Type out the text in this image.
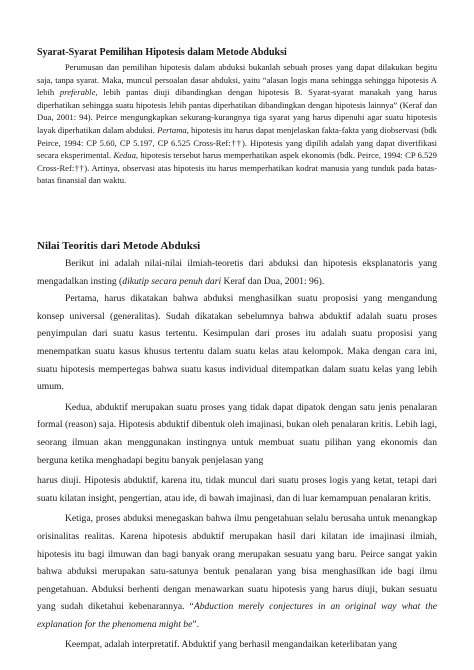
Syarat-Syarat Pemilihan Hipotesis dalam Metode Abduksi

Perumusan dan pemilihan hipotesis dalam abduksi bukanlah sebuah proses yang dapat dilakukan begitu saja, tanpa syarat. Maka, muncul persoalan dasar abduksi, yaitu “alasan logis mana sehingga sehingga hipotesis A lebih preferable, lebih pantas diuji dibandingkan dengan hipotesis B. Syarat-syarat manakah yang harus diperhatikan sehingga suatu hipotesis lebih pantas diperhatikan dibandingkan dengan hipotesis lainnya” (Keraf dan Dua, 2001: 94). Peirce mengungkapkan sekurang-kurangnya tiga syarat yang harus dipenuhi agar suatu hipotesis layak diperhatikan dalam abduksi. Pertama, hipotesis itu harus dapat menjelaskan fakta-fakta yang diobservasi (bdk Peirce, 1994: CP 5.60, CP 5.197, CP 6.525 Cross-Ref:††). Hipotesis yang dipilih adalah yang dapat diverifikasi secara eksperimental. Kedua, hipotesis tersebut harus memperhatikan aspek ekonomis (bdk. Peirce, 1994: CP 6.529 Cross-Ref:††). Artinya, observasi atas hipotesis itu harus memperhatikan kodrat manusia yang tunduk pada batas-batas finansial dan waktu.

Nilai Teoritis dari Metode Abduksi

Berikut ini adalah nilai-nilai ilmiah-teoretis dari abduksi dan hipotesis eksplanatoris yang mengadalkan insting (dikutip secara penuh dari Keraf dan Dua, 2001: 96).

Pertama, harus dikatakan bahwa abduksi menghasilkan suatu proposisi yang mengandung konsep universal (generalitas). Sudah dikatakan sebelumnya bahwa abduktif adalah suatu proses penyimpulan dari suatu kasus tertentu. Kesimpulan dari proses itu adalah suatu proposisi yang menempatkan suatu kasus khusus tertentu dalam suatu kelas atau kelompok. Maka dengan cara ini, suatu hipotesis mempertegas bahwa suatu kasus individual ditempatkan dalam suatu kelas yang lebih umum.

Kedua, abduktif merupakan suatu proses yang tidak dapat dipatok dengan satu jenis penalaran formal (reason) saja. Hipotesis abduktif dibentuk oleh imajinasi, bukan oleh penalaran kritis. Lebih lagi, seorang ilmuan akan menggunakan instingnya untuk membuat suatu pilihan yang ekonomis dan berguna ketika menghadapi begitu banyak penjelasan yang

harus diuji. Hipotesis abduktif, karena itu, tidak muncul dari suatu proses logis yang ketat, tetapi dari suatu kilatan insight, pengertian, atau ide, di bawah imajinasi, dan di luar kemampuan penalaran kritis.

Ketiga, proses abduksi menegaskan bahwa ilmu pengetahuan selalu berusaha untuk menangkap orisinalitas realitas. Karena hipotesis abduktif merupakan hasil dari kilatan ide imajinasi ilmiah, hipotesis itu bagi ilmuwan dan bagi banyak orang merupakan sesuatu yang baru. Peirce sangat yakin bahwa abduksi merupakan satu-satunya bentuk penalaran yang bisa menghasilkan ide bagi ilmu pengetahuan. Abduksi berhenti dengan menawarkan suatu hipotesis yang harus diuji, bukan sesuatu yang sudah diketahui kebenarannya. “Abduction merely conjectures in an original way what the explanation for the phenomena might be”.

Keempat, adalah interpretatif. Abduktif yang berhasil mengandaikan keterlibatan yang
